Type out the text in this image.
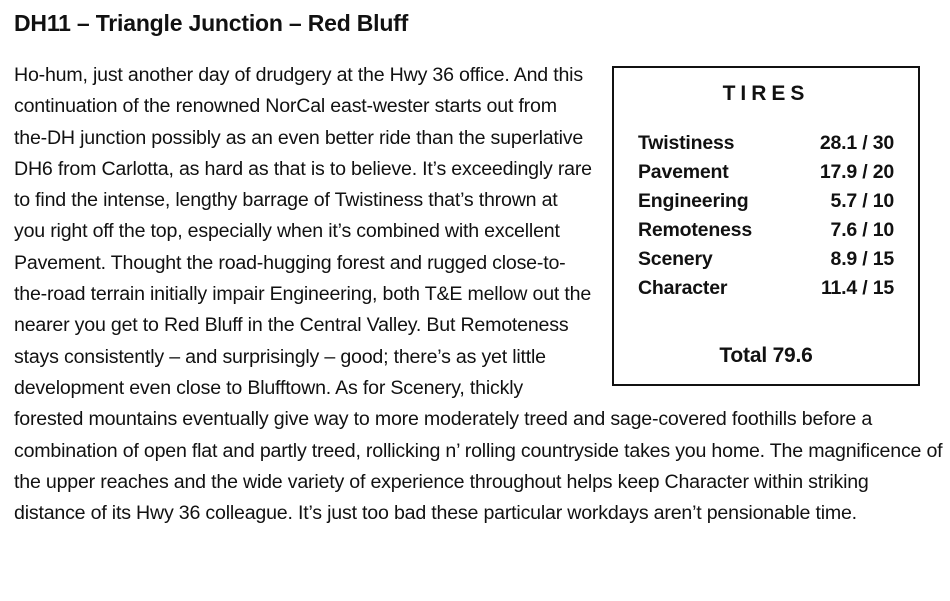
DH11 – Triangle Junction – Red Bluff
TIRES
Twistiness	28.1 / 30
Pavement	17.9 / 20
Engineering	5.7 / 10
Remoteness	7.6 / 10
Scenery	8.9 / 15
Character	11.4 / 15
Total 79.6

Ho-hum, just another day of drudgery at the Hwy 36 office. And this continuation of the renowned NorCal east-wester starts out from the-DH junction possibly as an even better ride than the superlative DH6 from Carlotta, as hard as that is to believe. It’s exceedingly rare to find the intense, lengthy barrage of Twistiness that’s thrown at you right off the top, especially when it’s combined with excellent Pavement. Thought the road-hugging forest and rugged close-to-the-road terrain initially impair Engineering, both T&E mellow out the nearer you get to Red Bluff in the Central Valley. But Remoteness stays consistently – and surprisingly – good; there’s as yet little development even close to Blufftown. As for Scenery, thickly forested mountains eventually give way to more moderately treed and sage-covered foothills before a combination of open flat and partly treed, rollicking n’ rolling countryside takes you home. The magnificence of the upper reaches and the wide variety of experience throughout helps keep Character within striking distance of its Hwy 36 colleague. It’s just too bad these particular workdays aren’t pensionable time.
